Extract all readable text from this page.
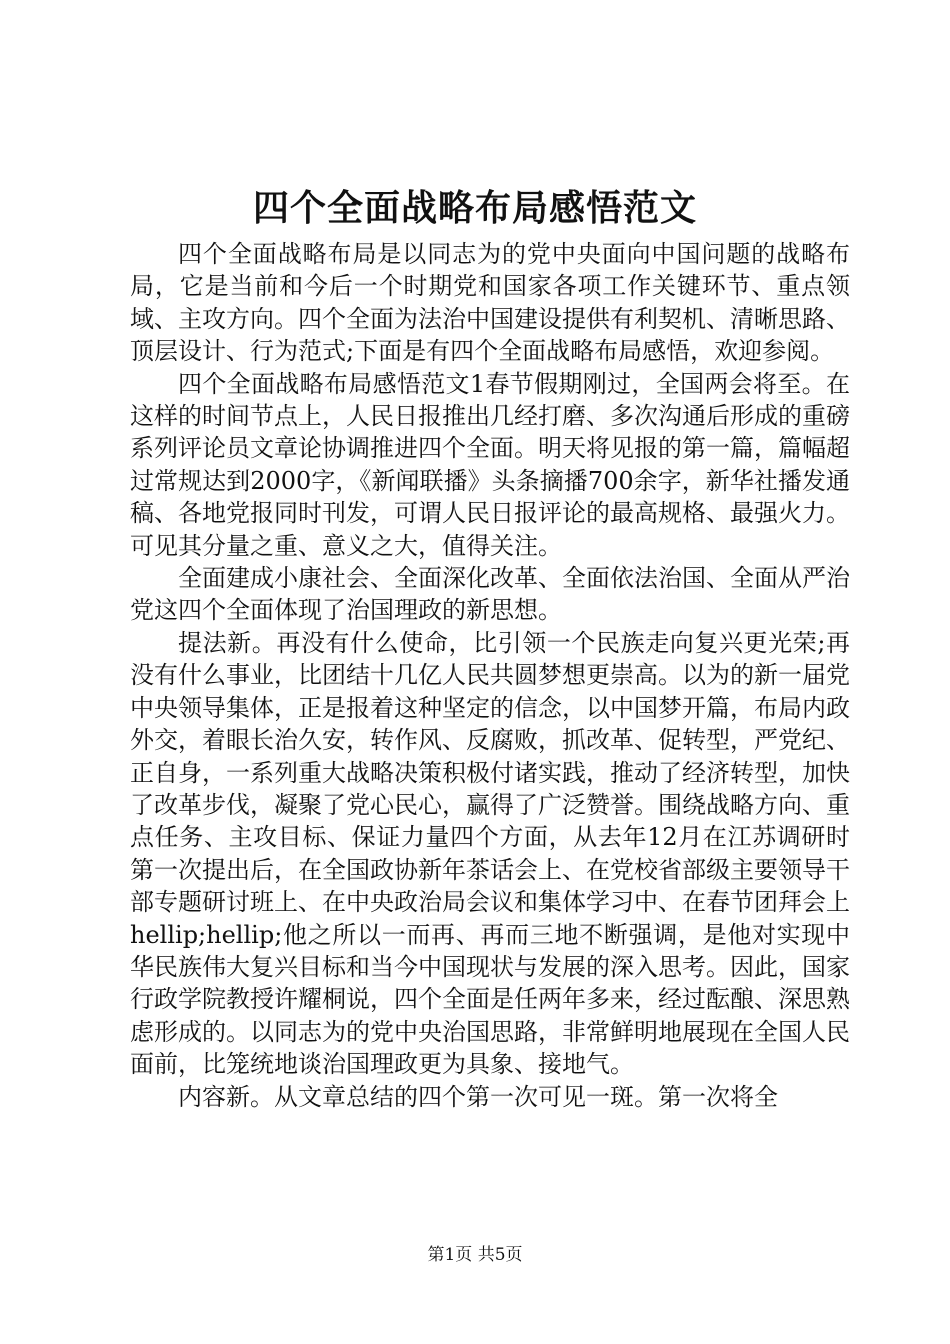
四个全面战略布局感悟范文

四个全面战略布局是以同志为的党中央面向中国问题的战略布局，它是当前和今后一个时期党和国家各项工作关键环节、重点领域、主攻方向。四个全面为法治中国建设提供有利契机、清晰思路、顶层设计、行为范式;下面是有四个全面战略布局感悟，欢迎参阅。

四个全面战略布局感悟范文1春节假期刚过，全国两会将至。在这样的时间节点上，人民日报推出几经打磨、多次沟通后形成的重磅系列评论员文章论协调推进四个全面。明天将见报的第一篇，篇幅超过常规达到2000字，《新闻联播》头条摘播700余字，新华社播发通稿、各地党报同时刊发，可谓人民日报评论的最高规格、最强火力。可见其分量之重、意义之大，值得关注。

全面建成小康社会、全面深化改革、全面依法治国、全面从严治党这四个全面体现了治国理政的新思想。

提法新。再没有什么使命，比引领一个民族走向复兴更光荣;再没有什么事业，比团结十几亿人民共圆梦想更崇高。以为的新一届党中央领导集体，正是报着这种坚定的信念，以中国梦开篇，布局内政外交，着眼长治久安，转作风、反腐败，抓改革、促转型，严党纪、正自身，一系列重大战略决策积极付诸实践，推动了经济转型，加快了改革步伐，凝聚了党心民心，赢得了广泛赞誉。围绕战略方向、重点任务、主攻目标、保证力量四个方面，从去年12月在江苏调研时第一次提出后，在全国政协新年茶话会上、在党校省部级主要领导干部专题研讨班上、在中央政治局会议和集体学习中、在春节团拜会上hellip;hellip;他之所以一而再、再而三地不断强调，是他对实现中华民族伟大复兴目标和当今中国现状与发展的深入思考。因此，国家行政学院教授许耀桐说，四个全面是任两年多来，经过酝酿、深思熟虑形成的。以同志为的党中央治国思路，非常鲜明地展现在全国人民面前，比笼统地谈治国理政更为具象、接地气。

内容新。从文章总结的四个第一次可见一斑。第一次将全

第1页 共5页
